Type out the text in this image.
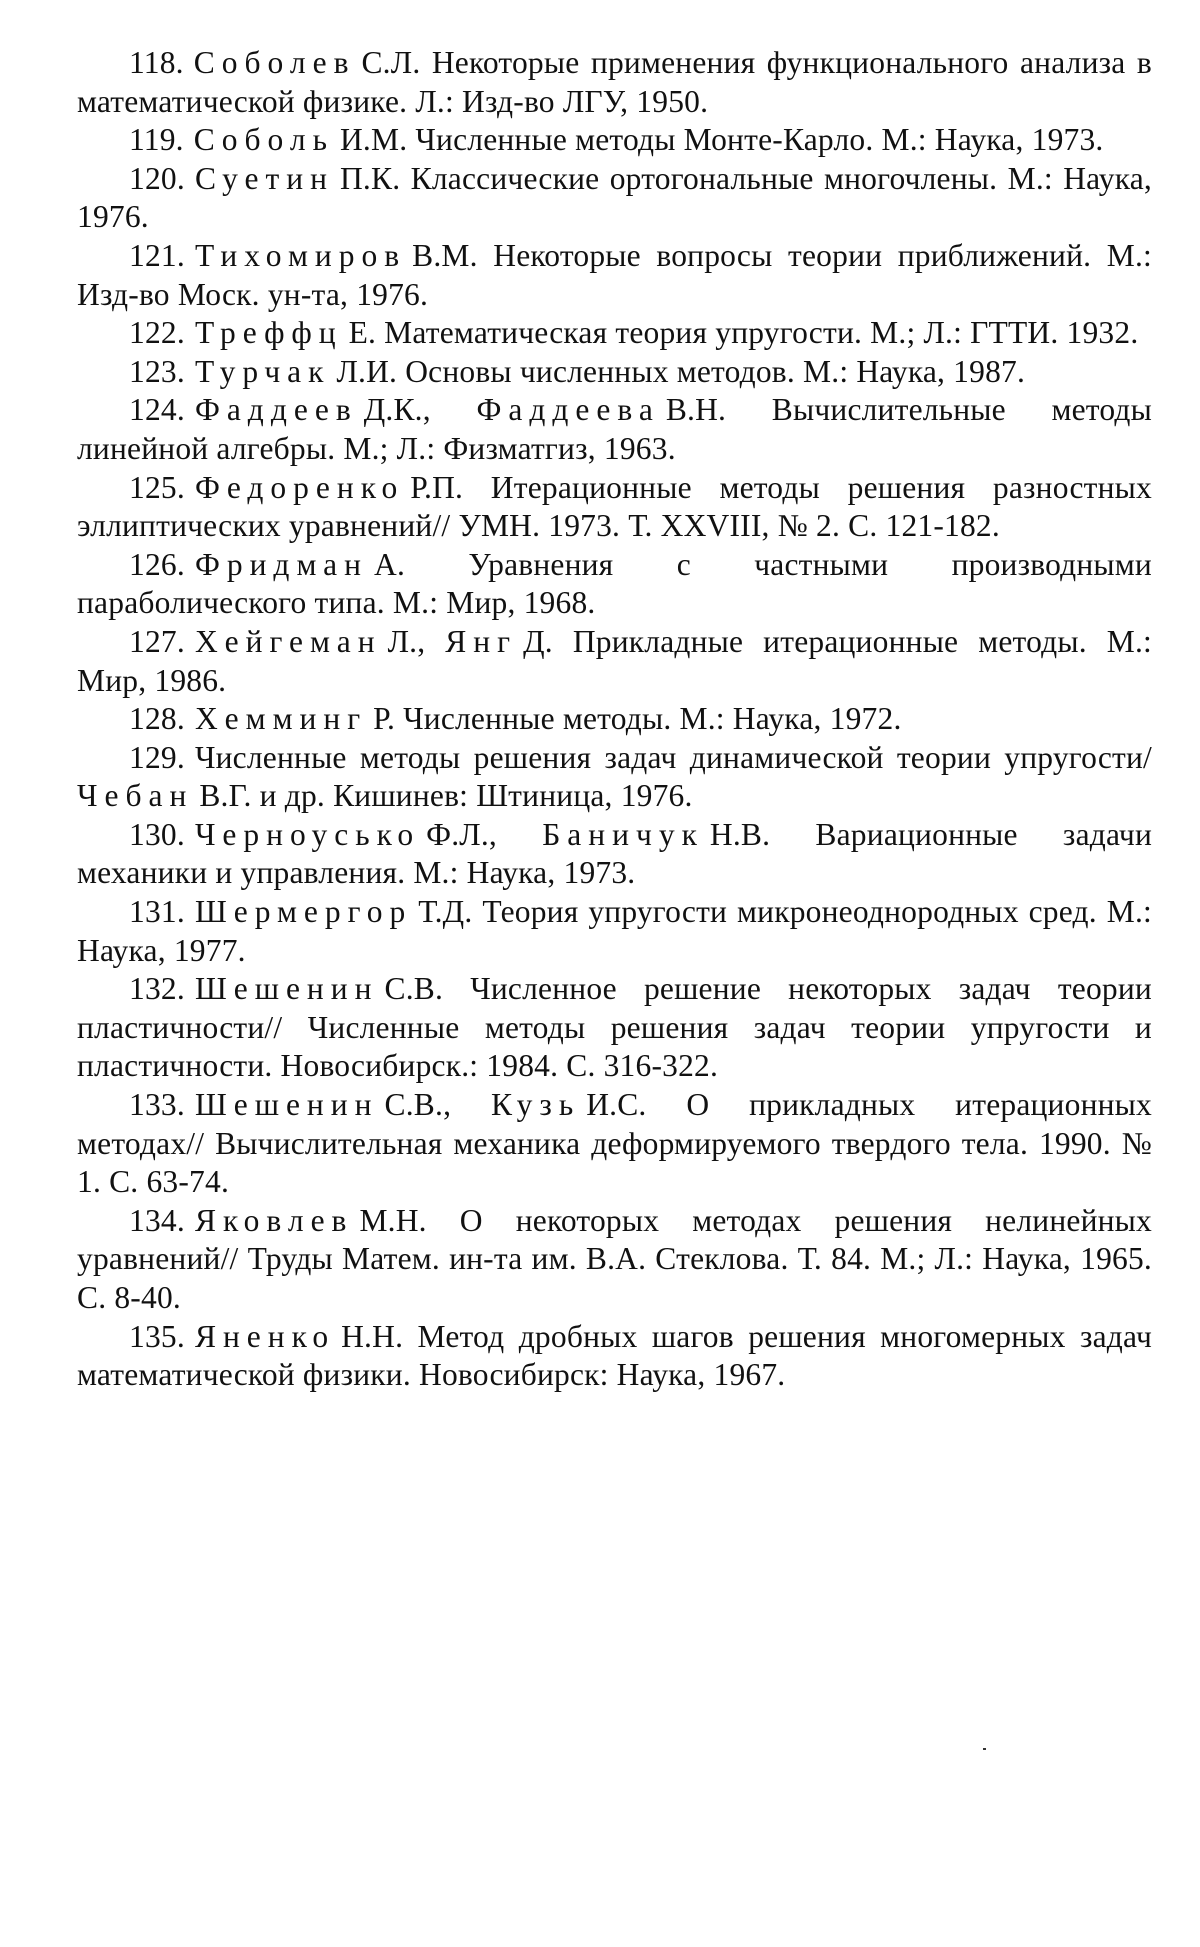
118. Соболев С.Л. Некоторые применения функционального анализа в математической физике. Л.: Изд-во ЛГУ, 1950.

119. Соболь И.М. Численные методы Монте-Карло. М.: Наука, 1973.

120. Суетин П.К. Классические ортогональные многочлены. М.: Наука, 1976.

121. Тихомиров В.М. Некоторые вопросы теории приближений. М.: Изд-во Моск. ун-та, 1976.

122. Треффц Е. Математическая теория упругости. М.; Л.: ГТТИ. 1932.

123. Турчак Л.И. Основы численных методов. М.: Наука, 1987.

124. Фаддеев Д.К., Фаддеева В.Н. Вычислительные методы линейной алгебры. М.; Л.: Физматгиз, 1963.

125. Федоренко Р.П. Итерационные методы решения разностных эллиптических уравнений// УМН. 1973. Т. XXVIII, № 2. С. 121-182.

126. Фридман А. Уравнения с частными производными параболического типа. М.: Мир, 1968.

127. Хейгеман Л., Янг Д. Прикладные итерационные методы. М.: Мир, 1986.

128. Хемминг Р. Численные методы. М.: Наука, 1972.

129. Численные методы решения задач динамической теории упругости/ Чебан В.Г. и др. Кишинев: Штиница, 1976.

130. Черноусько Ф.Л., Баничук Н.В. Вариационные задачи механики и управления. М.: Наука, 1973.

131. Шермергор Т.Д. Теория упругости микронеоднородных сред. М.: Наука, 1977.

132. Шешенин С.В. Численное решение некоторых задач теории пластичности// Численные методы решения задач теории упругости и пластичности. Новосибирск.: 1984. С. 316-322.

133. Шешенин С.В., Кузь И.С. О прикладных итерационных методах// Вычислительная механика деформируемого твердого тела. 1990. № 1. С. 63-74.

134. Яковлев М.Н. О некоторых методах решения нелинейных уравнений// Труды Матем. ин-та им. В.А. Стеклова. Т. 84. М.; Л.: Наука, 1965. С. 8-40.

135. Яненко Н.Н. Метод дробных шагов решения многомерных задач математической физики. Новосибирск: Наука, 1967.
